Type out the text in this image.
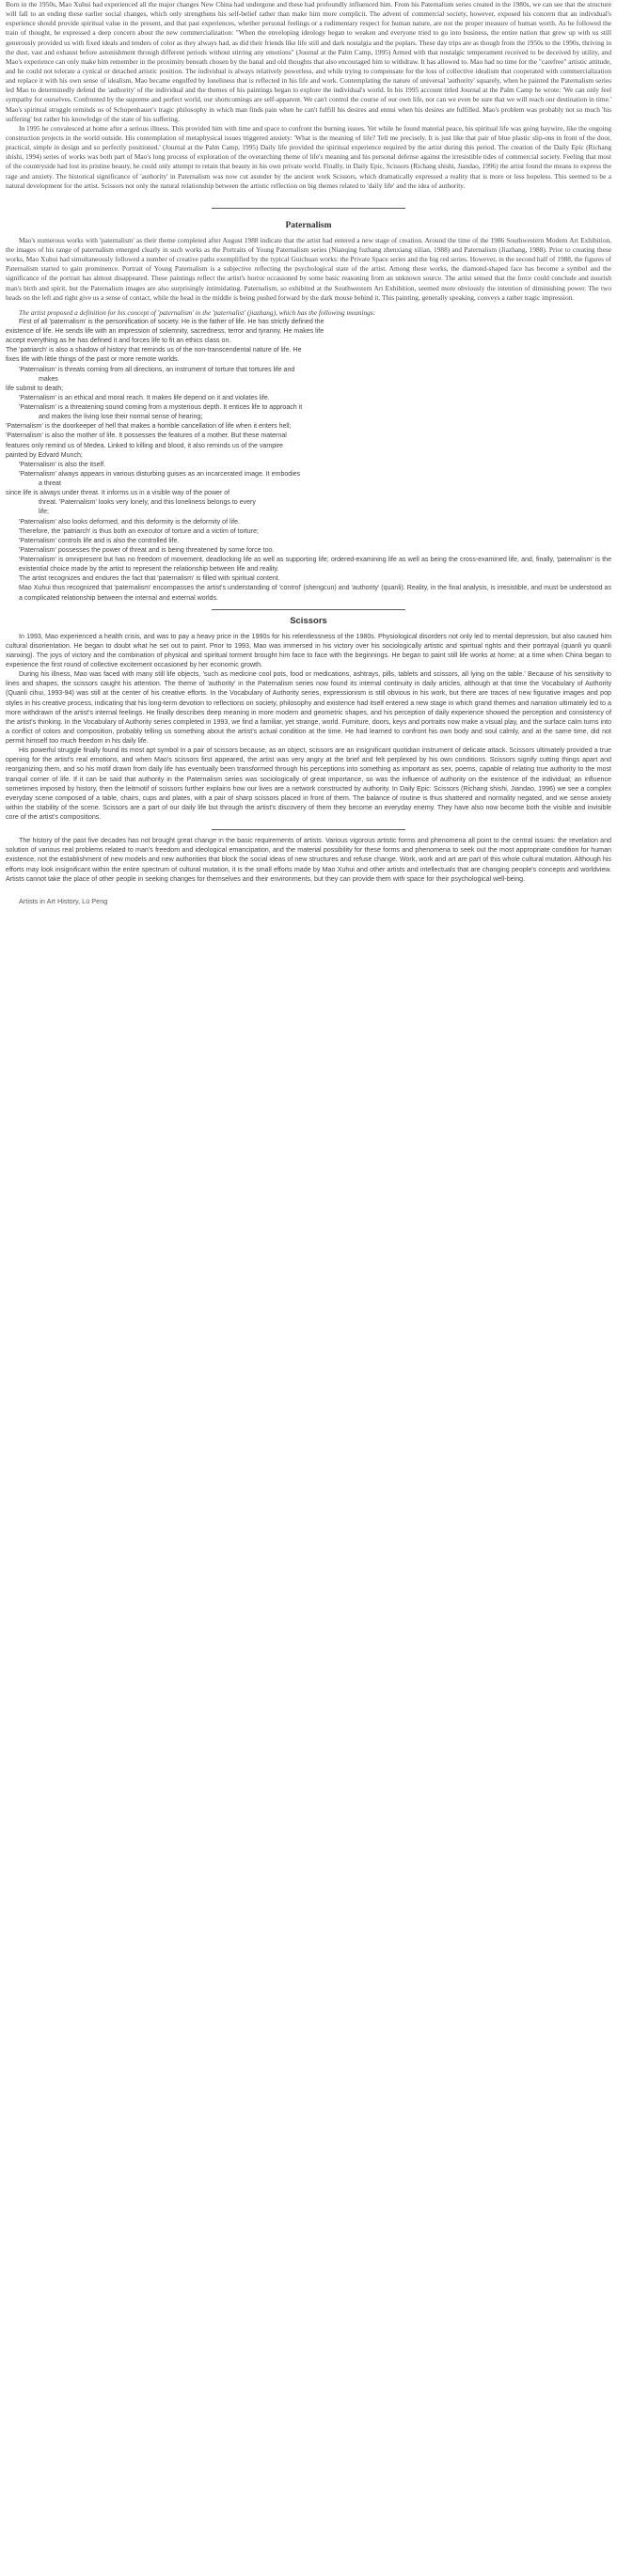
Born in the 1950s, Mao Xuhui had experienced all the major changes New China had undergone and these had profoundly influenced him. From his Paternalism series created in the 1980s, we can see that the structure will fall to an ending these earlier social changes, which only strengthens his self-belief rather than make him more complicit. The advent of commercial society, however, exposed his concern that an individual's experience should provide spiritual value in the present, and that past experiences, whether personal feelings or a rudimentary respect for human nature, are not the proper measure of human worth. As he followed the train of thought, he expressed a deep concern about the new commercialization: "When the enveloping ideology began to weaken and everyone tried to go into business, the entire nation that grew up with us still generously provided us with fixed ideals and tenders of color as they always had, as did their friends like life still and dark nostalgia and the poplars. These day trips are as though from the 1950s to the 1990s, thriving in the dust, vast and exhaust before astonishment through different periods without stirring any emotions" (Journal at the Palm Camp, 1995) Armed with that nostalgic temperament received to be deceived by utility, and Mao's experience can only make him remember in the proximity beneath chosen by the banal and old thoughts that also encouraged him to withdraw. It has allowed to. Mao had no time for the "carefree" artistic attitude, and he could not tolerate a cynical or detached artistic position. The individual is always relatively powerless, and while trying to compensate for the loss of collective idealism that cooperated with commercialization and replace it with his own sense of idealism, Mao became engulfed by loneliness that is reflected in his life and work. Contemplating the nature of universal 'authority' squarely, when he painted the Paternalism series led Mao to determinedly defend the 'authority' of the individual and the themes of his paintings began to explore the individual's world. In his 1995 account titled Journal at the Palm Camp he wrote: 'We can only feel sympathy for ourselves. Confronted by the supreme and perfect world, our shortcomings are self-apparent. We can't control the course of our own life, nor can we even be sure that we will reach our destination in time.' Mao's spiritual struggle reminds us of Schopenhauer's tragic philosophy in which man finds pain when he can't fulfill his desires and ennui when his desires are fulfilled. Mao's problem was probably not so much 'his suffering' but rather his knowledge of the state of his suffering.

In 1995 he convalesced at home after a serious illness. This provided him with time and space to confront the burning issues. Yet while he found material peace, his spiritual life was going haywire, like the ongoing construction projects in the world outside. His contemplation of metaphysical issues triggered anxiety: 'What is the meaning of life? Tell me precisely. It is just like that pair of blue plastic slip-ons in front of the door, practical, simple in design and so perfectly positioned.' (Journal at the Palm Camp, 1995) Daily life provided the spiritual experience required by the artist during this period. The creation of the Daily Epic (Richang shishi, 1994) series of works was both part of Mao's long process of exploration of the overarching theme of life's meaning and his personal defense against the irresistible tides of commercial society. Feeling that most of the countryside had lost its pristine beauty, he could only attempt to retain that beauty in his own private world. Finally, in Daily Epic, Scissors (Richang shishi, Jiandao, 1996) the artist found the means to express the rage and anxiety. The historical significance of 'authority' in Paternalism was now cut asunder by the ancient work Scissors, which dramatically expressed a reality that is more or less hopeless. This seemed to be a natural development for the artist. Scissors not only the natural relationship between the artistic reflection on big themes related to 'daily life' and the idea of authority.

Paternalism

Mao's numerous works with 'paternalism' as their theme completed after August 1988 indicate that the artist had entered a new stage of creation. Around the time of the 1986 Southwestern Modern Art Exhibition, the images of his range of paternalism emerged clearly in such works as the Portraits of Young Paternalism series (Nianqing fuzhang zhenxiang xilian, 1988) and Paternalism (Jiazhang, 1988). Prior to creating these works, Mao Xuhui had simultaneously followed a number of creative paths exemplified by the typical Guichuan works: the Private Space series and the big red series. However, in the second half of 1988, the figures of Paternalism started to gain prominence. Portrait of Young Paternalism is a subjective reflecting the psychological state of the artist. Among these works, the diamond-shaped face has become a symbol and the significance of the portrait has almost disappeared. These paintings reflect the artist's horror occasioned by some basic reasoning from an unknown source. The artist sensed that the force could conclude and nourish man's birth and spirit, but the Paternalism images are also surprisingly intimidating. Paternalism, so exhibited at the Southwestern Art Exhibition, seemed more obviously the intention of diminishing power. The two heads on the left and right give us a sense of contact, while the head in the middle is being pushed forward by the dark mouse behind it. This painting, generally speaking, conveys a rather tragic impression.

The artist proposed a definition for his concept of 'paternalism' in the 'paternalist' (jiazhang), which has the following meanings:

First of all 'paternalism' is the personification of society. He is the father of life. He has strictly defined the
existence of life. He sends life with an impression of solemnity, sacredness, terror and tyranny. He makes life
accept everything as he has defined it and forces life to fit an ethics class on.
The 'patriarch' is also a shadow of history that reminds us of the non-transcendental nature of life. He
fixes life with little things of the past or more remote worlds.
'Paternalism' is threats coming from all directions, an instrument of torture that tortures life and
makes
life submit to death;
'Paternalism' is an ethical and moral reach. It makes life depend on it and violates life.
'Paternalism' is a threatening sound coming from a mysterious depth. It entices life to approach it
and makes the living lose their normal sense of hearing;
'Paternalism' is the doorkeeper of hell that makes a horrible cancellation of life when it enters hell;
'Paternalism' is also the mother of life. It possesses the features of a mother. But these maternal
features only remind us of Medea. Linked to killing and blood, it also reminds us of the vampire
painted by Edvard Munch;
'Paternalism' is also the itself.
'Paternalism' always appears in various disturbing guises as an incarcerated image. It embodies
a threat
since life is always under threat. It informs us in a visible way of the power of
threat. 'Paternalism' looks very lonely, and this loneliness belongs to every
life;
'Paternalism' also looks deformed, and this deformity is the deformity of life.
Therefore, the 'patriarch' is thus both an executor of torture and a victim of torture;
'Paternalism' controls life and is also the controlled life.
'Paternalism' possesses the power of threat and is being threatened by some force too.
'Paternalism' is omnipresent but has no freedom of movement, deadlocking life as well as supporting life; ordered-examining life as well as being the cross-examined life, and, finally, 'paternalism' is the existential choice made by the artist to represent the relationship between life and reality.
The artist recognizes and endures the fact that 'paternalism' is filled with spiritual content.
Mao Xuhui thus recognized that 'paternalism' encompasses the artist's understanding of 'control' (shengcun) and 'authority' (quanli). Reality, in the final analysis, is irresistible, and must be understood as a complicated relationship between the internal and external worlds.
Scissors

In 1993, Mao experienced a health crisis, and was to pay a heavy price in the 1990s for his relentlessness of the 1980s. Physiological disorders not only led to mental depression, but also caused him cultural disorientation. He began to doubt what he set out to paint. Prior to 1993, Mao was immersed in his victory over his sociologically artistic and spiritual rights and their portrayal (quanli yu quanli xianxing). The joys of victory and the combination of physical and spiritual torment brought him face to face with the beginnings. He began to paint still life works at home; at a time when China began to experience the first round of collective excitement occasioned by her economic growth.

During his illness, Mao was faced with many still life objects, 'such as medicine cool pots, food or medications, ashtrays, pills, tablets and scissors, all lying on the table.' Because of his sensitivity to lines and shapes, the scissors caught his attention. The theme of 'authority' in the Paternalism series now found its internal continuity in daily articles, although at that time the Vocabulary of Authority (Quanli cihui, 1993-94) was still at the center of his creative efforts. In the Vocabulary of Authority series, expressionism is still obvious in his work, but there are traces of new figurative images and pop styles in his creative process, indicating that his long-term devotion to reflections on society, philosophy and existence had itself entered a new stage in which grand themes and narration ultimately led to a more withdrawn of the artist's internal feelings. He finally describes deep meaning in more modern and geometric shapes, and his perception of daily experience showed the perception and consistency of the artist's thinking. In the Vocabulary of Authority series completed in 1993, we find a familiar, yet strange, world. Furniture, doors, keys and portraits now make a visual play, and the surface calm turns into a conflict of colors and composition, probably telling us something about the artist's actual condition at the time. He had learned to confront his own body and soul calmly, and at the same time, did not permit himself too much freedom in his daily life.

His powerful struggle finally found its most apt symbol in a pair of scissors because, as an object, scissors are an insignificant quotidian instrument of delicate attack. Scissors ultimately provided a true opening for the artist's real emotions, and when Mao's scissors first appeared, the artist was very angry at the brief and felt perplexed by his own conditions. Scissors signify cutting things apart and reorganizing them, and so his motif drawn from daily life has eventually been transformed through his perceptions into something as important as sex, poems, capable of relating true authority to the most tranquil corner of life. If it can be said that authority in the Paternalism series was sociologically of great importance, so was the influence of authority on the existence of the individual; an influence sometimes imposed by history, then the leitmotif of scissors further explains how our lives are a network constructed by authority. In Daily Epic: Scissors (Richang shishi, Jiandao, 1996) we see a complex everyday scene composed of a table, chairs, cups and plates, with a pair of sharp scissors placed in front of them. The balance of routine is thus shattered and normality negated, and we sense anxiety within the stability of the scene. Scissors are a part of our daily life but through the artist's discovery of them they become an everyday enemy. They have also now become both the visible and invisible core of the artist's compositions.

The history of the past five decades has not brought great change in the basic requirements of artists. Various vigorous artistic forms and phenomena all point to the central issues: the revelation and solution of various real problems related to man's freedom and ideological emancipation, and the material possibility for these forms and phenomena to seek out the most appropriate condition for human existence, not the establishment of new models and new authorities that block the social ideas of new structures and refuse change. Work, work and art are part of this whole cultural mutation. Although his efforts may look insignificant within the entire spectrum of cultural mutation, it is the small efforts made by Mao Xuhui and other artists and intellectuals that are changing people's concepts and worldview. Artists cannot take the place of other people in seeking changes for themselves and their environments, but they can provide them with space for their psychological well-being.

Artists in Art History, Lü Peng
